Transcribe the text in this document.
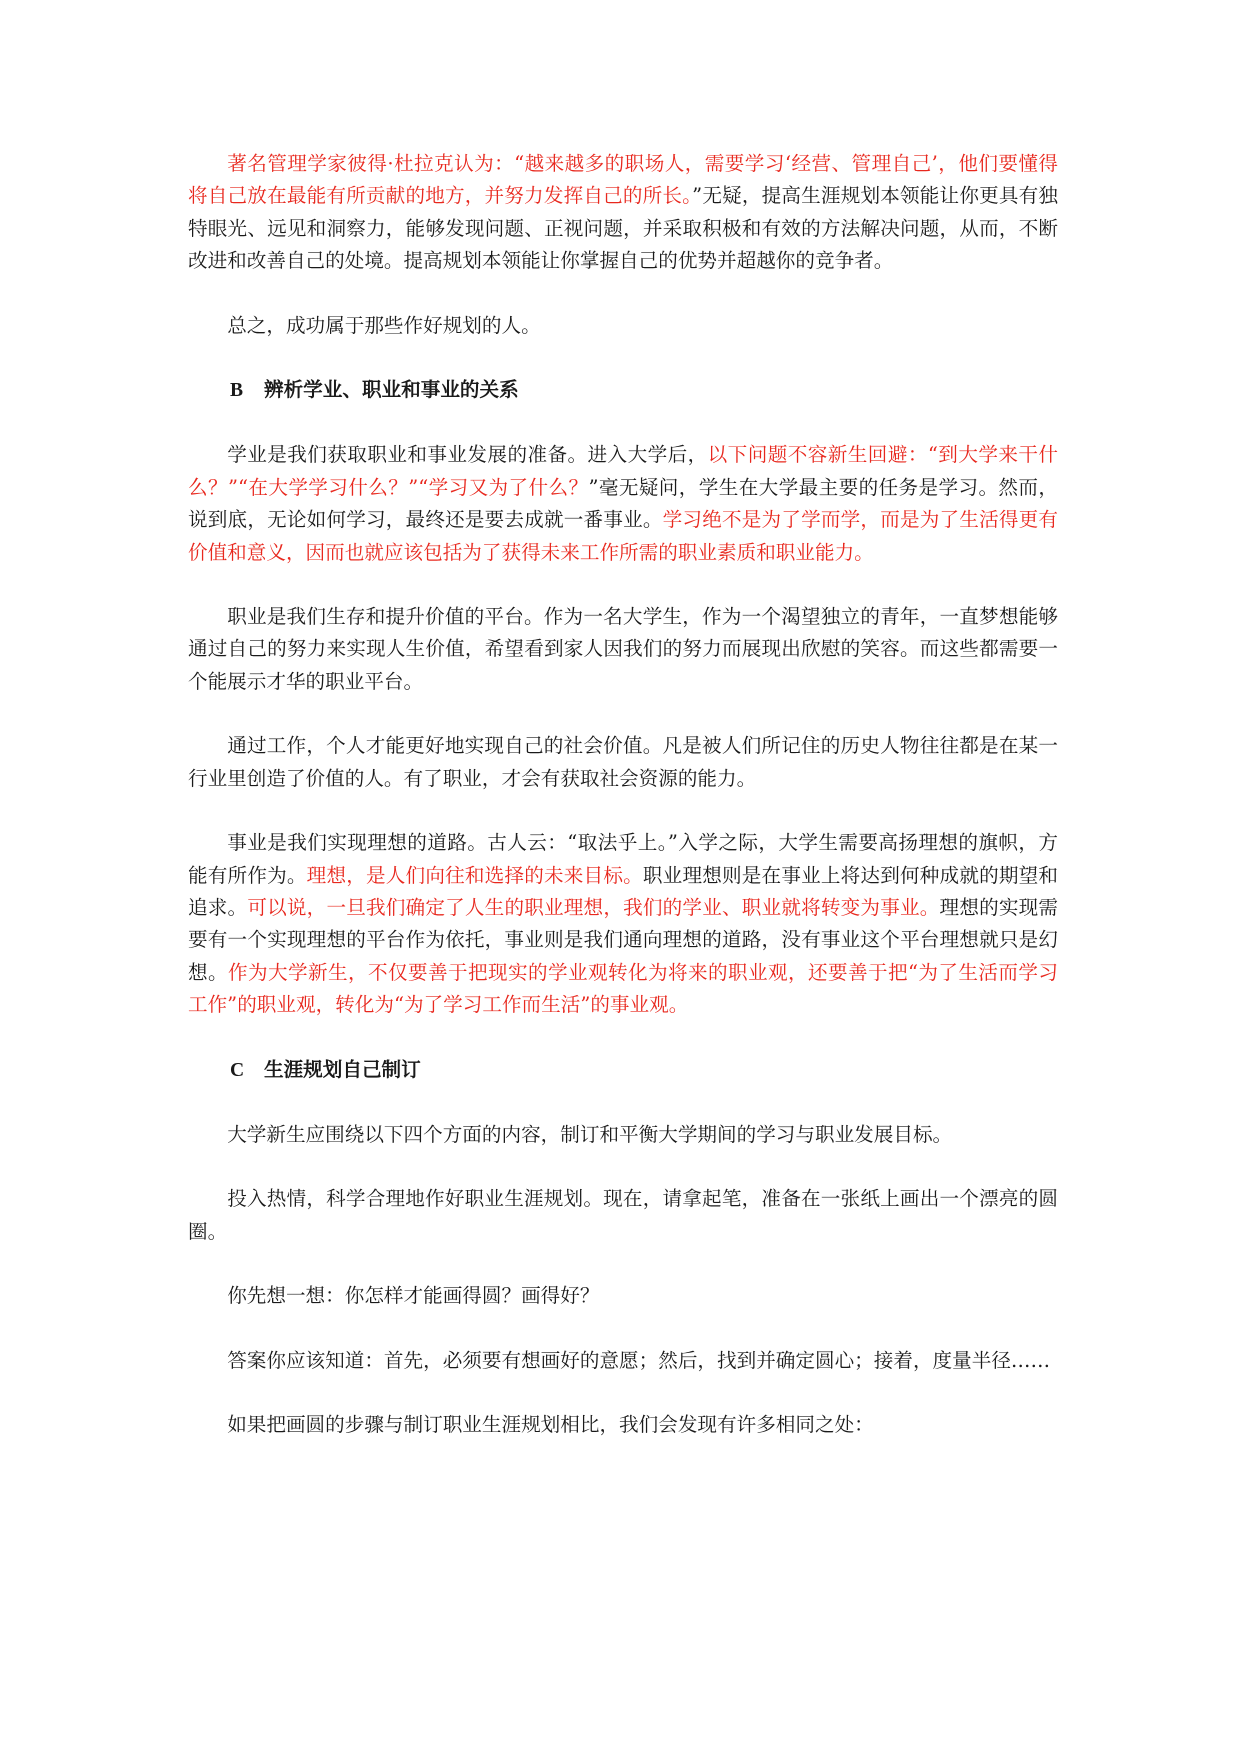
著名管理学家彼得·杜拉克认为：“越来越多的职场人，需要学习‘经营、管理自己’，他们要懂得将自己放在最能有所贡献的地方，并努力发挥自己的所长。”无疑，提高生涯规划本领能让你更具有独特眼光、远见和洞察力，能够发现问题、正视问题，并采取积极和有效的方法解决问题，从而，不断改进和改善自己的处境。提高规划本领能让你掌握自己的优势并超越你的竞争者。

总之，成功属于那些作好规划的人。

B 辨析学业、职业和事业的关系

学业是我们获取职业和事业发展的准备。进入大学后，以下问题不容新生回避：“到大学来干什么？”“在大学学习什么？”“学习又为了什么？”毫无疑问，学生在大学最主要的任务是学习。然而，说到底，无论如何学习，最终还是要去成就一番事业。学习绝不是为了学而学，而是为了生活得更有价值和意义，因而也就应该包括为了获得未来工作所需的职业素质和职业能力。

职业是我们生存和提升价值的平台。作为一名大学生，作为一个渴望独立的青年，一直梦想能够通过自己的努力来实现人生价值，希望看到家人因我们的努力而展现出欣慰的笑容。而这些都需要一个能展示才华的职业平台。

通过工作，个人才能更好地实现自己的社会价值。凡是被人们所记住的历史人物往往都是在某一行业里创造了价值的人。有了职业，才会有获取社会资源的能力。

事业是我们实现理想的道路。古人云：“取法乎上。”入学之际，大学生需要高扬理想的旗帜，方能有所作为。理想，是人们向往和选择的未来目标。职业理想则是在事业上将达到何种成就的期望和追求。可以说，一旦我们确定了人生的职业理想，我们的学业、职业就将转变为事业。理想的实现需要有一个实现理想的平台作为依托，事业则是我们通向理想的道路，没有事业这个平台理想就只是幻想。作为大学新生，不仅要善于把现实的学业观转化为将来的职业观，还要善于把“为了生活而学习工作”的职业观，转化为“为了学习工作而生活”的事业观。

C 生涯规划自己制订

大学新生应围绕以下四个方面的内容，制订和平衡大学期间的学习与职业发展目标。

投入热情，科学合理地作好职业生涯规划。现在，请拿起笔，准备在一张纸上画出一个漂亮的圆圈。

你先想一想：你怎样才能画得圆？画得好？

答案你应该知道：首先，必须要有想画好的意愿；然后，找到并确定圆心；接着，度量半径……

如果把画圆的步骤与制订职业生涯规划相比，我们会发现有许多相同之处：
